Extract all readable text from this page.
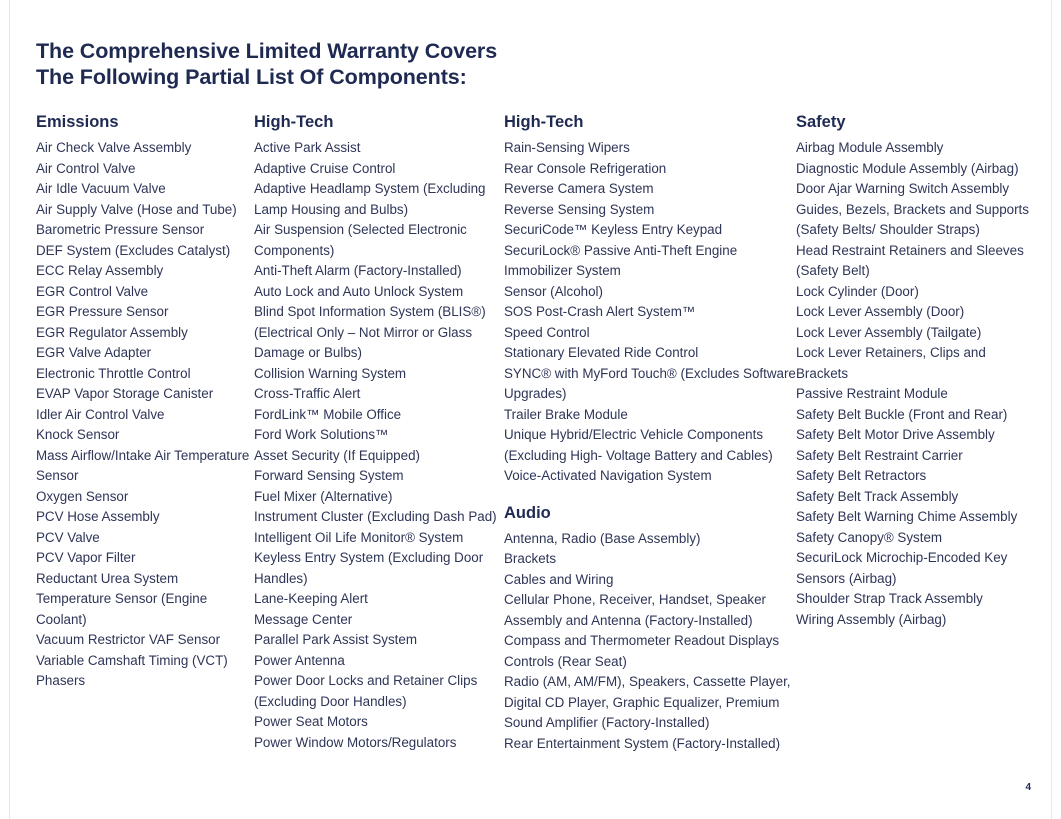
The Comprehensive Limited Warranty Covers
The Following Partial List Of Components:
Emissions
Air Check Valve Assembly
Air Control Valve
Air Idle Vacuum Valve
Air Supply Valve (Hose and Tube)
Barometric Pressure Sensor
DEF System (Excludes Catalyst)
ECC Relay Assembly
EGR Control Valve
EGR Pressure Sensor
EGR Regulator Assembly
EGR Valve Adapter
Electronic Throttle Control
EVAP Vapor Storage Canister
Idler Air Control Valve
Knock Sensor
Mass Airflow/Intake Air Temperature Sensor
Oxygen Sensor
PCV Hose Assembly
PCV Valve
PCV Vapor Filter
Reductant Urea System
Temperature Sensor (Engine Coolant)
Vacuum Restrictor VAF Sensor
Variable Camshaft Timing (VCT) Phasers
High-Tech
Active Park Assist
Adaptive Cruise Control
Adaptive Headlamp System (Excluding Lamp Housing and Bulbs)
Air Suspension (Selected Electronic Components)
Anti-Theft Alarm (Factory-Installed)
Auto Lock and Auto Unlock System
Blind Spot Information System (BLIS®) (Electrical Only – Not Mirror or Glass Damage or Bulbs)
Collision Warning System
Cross-Traffic Alert
FordLink™ Mobile Office
Ford Work Solutions™
Asset Security (If Equipped)
Forward Sensing System
Fuel Mixer (Alternative)
Instrument Cluster (Excluding Dash Pad)
Intelligent Oil Life Monitor® System
Keyless Entry System (Excluding Door Handles)
Lane-Keeping Alert
Message Center
Parallel Park Assist System
Power Antenna
Power Door Locks and Retainer Clips (Excluding Door Handles)
Power Seat Motors
Power Window Motors/Regulators
High-Tech
Rain-Sensing Wipers
Rear Console Refrigeration
Reverse Camera System
Reverse Sensing System
SecuriCode™ Keyless Entry Keypad
SecuriLock® Passive Anti-Theft Engine Immobilizer System
Sensor (Alcohol)
SOS Post-Crash Alert System™
Speed Control
Stationary Elevated Ride Control
SYNC® with MyFord Touch® (Excludes Software Upgrades)
Trailer Brake Module
Unique Hybrid/Electric Vehicle Components (Excluding High- Voltage Battery and Cables)
Voice-Activated Navigation System
Audio
Antenna, Radio (Base Assembly)
Brackets
Cables and Wiring
Cellular Phone, Receiver, Handset, Speaker Assembly and Antenna (Factory-Installed)
Compass and Thermometer Readout Displays
Controls (Rear Seat)
Radio (AM, AM/FM), Speakers, Cassette Player, Digital CD Player, Graphic Equalizer, Premium Sound Amplifier (Factory-Installed)
Rear Entertainment System (Factory-Installed)
Safety
Airbag Module Assembly
Diagnostic Module Assembly (Airbag)
Door Ajar Warning Switch Assembly
Guides, Bezels, Brackets and Supports (Safety Belts/ Shoulder Straps)
Head Restraint Retainers and Sleeves (Safety Belt)
Lock Cylinder (Door)
Lock Lever Assembly (Door)
Lock Lever Assembly (Tailgate)
Lock Lever Retainers, Clips and Brackets
Passive Restraint Module
Safety Belt Buckle (Front and Rear)
Safety Belt Motor Drive Assembly
Safety Belt Restraint Carrier
Safety Belt Retractors
Safety Belt Track Assembly
Safety Belt Warning Chime Assembly
Safety Canopy® System
SecuriLock Microchip-Encoded Key
Sensors (Airbag)
Shoulder Strap Track Assembly
Wiring Assembly (Airbag)
4
